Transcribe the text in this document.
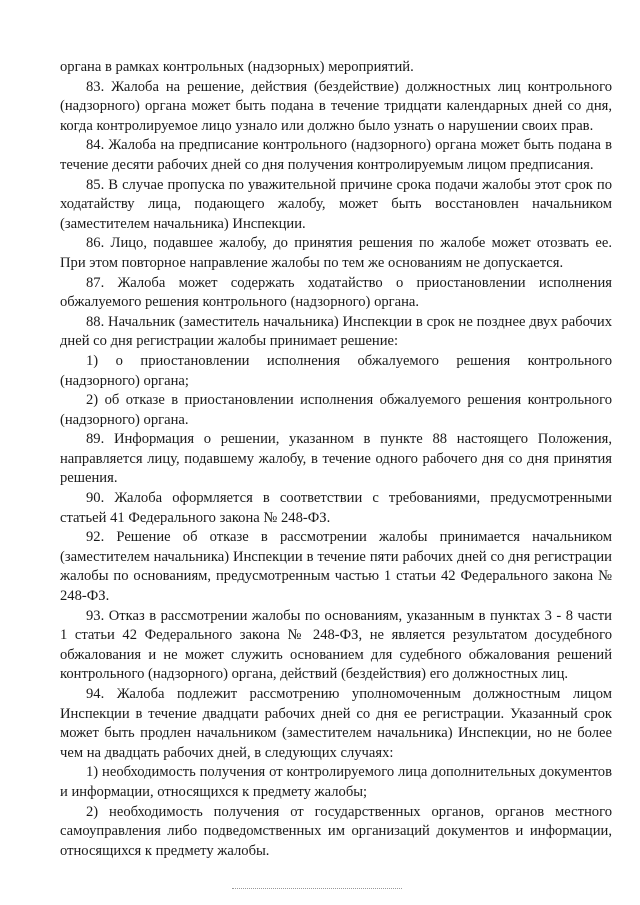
органа в рамках контрольных (надзорных) мероприятий.

83. Жалоба на решение, действия (бездействие) должностных лиц контрольного (надзорного) органа может быть подана в течение тридцати календарных дней со дня, когда контролируемое лицо узнало или должно было узнать о нарушении своих прав.

84. Жалоба на предписание контрольного (надзорного) органа может быть подана в течение десяти рабочих дней со дня получения контролируемым лицом предписания.

85. В случае пропуска по уважительной причине срока подачи жалобы этот срок по ходатайству лица, подающего жалобу, может быть восстановлен начальником (заместителем начальника) Инспекции.

86. Лицо, подавшее жалобу, до принятия решения по жалобе может отозвать ее. При этом повторное направление жалобы по тем же основаниям не допускается.

87. Жалоба может содержать ходатайство о приостановлении исполнения обжалуемого решения контрольного (надзорного) органа.

88. Начальник (заместитель начальника) Инспекции в срок не позднее двух рабочих дней со дня регистрации жалобы принимает решение:

1) о приостановлении исполнения обжалуемого решения контрольного (надзорного) органа;

2) об отказе в приостановлении исполнения обжалуемого решения контрольного (надзорного) органа.

89. Информация о решении, указанном в пункте 88 настоящего Положения, направляется лицу, подавшему жалобу, в течение одного рабочего дня со дня принятия решения.

90. Жалоба оформляется в соответствии с требованиями, предусмотренными статьей 41 Федерального закона № 248-ФЗ.

92. Решение об отказе в рассмотрении жалобы принимается начальником (заместителем начальника) Инспекции в течение пяти рабочих дней со дня регистрации жалобы по основаниям, предусмотренным частью 1 статьи 42 Федерального закона № 248-ФЗ.

93. Отказ в рассмотрении жалобы по основаниям, указанным в пунктах 3 - 8 части 1 статьи 42 Федерального закона № 248-ФЗ, не является результатом досудебного обжалования и не может служить основанием для судебного обжалования решений контрольного (надзорного) органа, действий (бездействия) его должностных лиц.

94. Жалоба подлежит рассмотрению уполномоченным должностным лицом Инспекции в течение двадцати рабочих дней со дня ее регистрации. Указанный срок может быть продлен начальником (заместителем начальника) Инспекции, но не более чем на двадцать рабочих дней, в следующих случаях:

1) необходимость получения от контролируемого лица дополнительных документов и информации, относящихся к предмету жалобы;

2) необходимость получения от государственных органов, органов местного самоуправления либо подведомственных им организаций документов и информации, относящихся к предмету жалобы.
